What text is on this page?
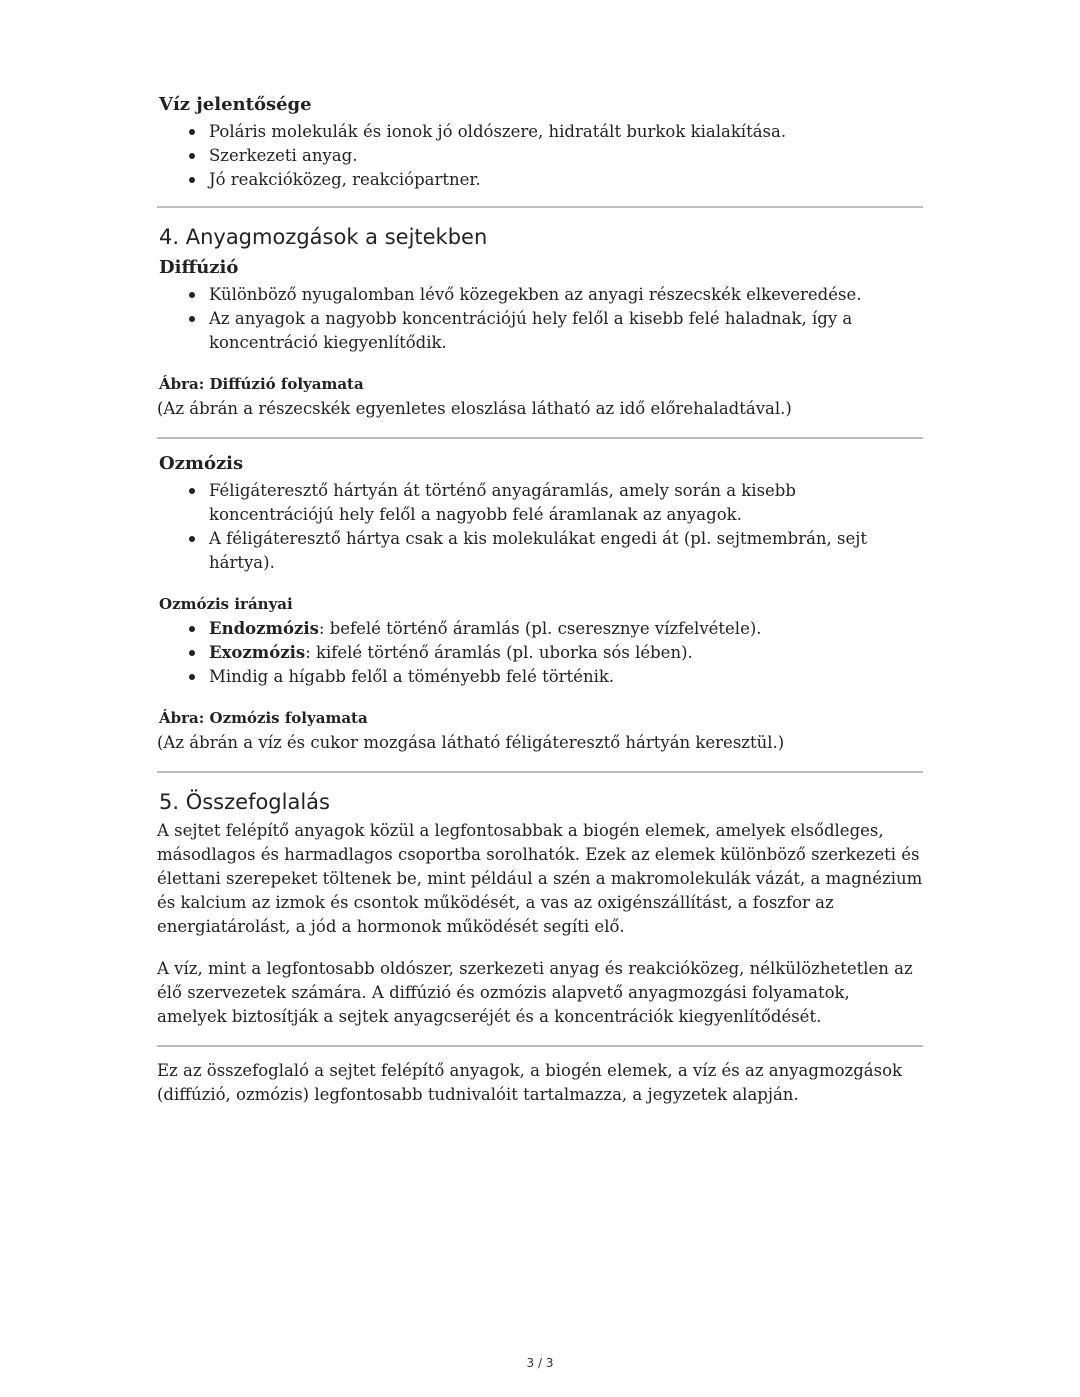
Víz jelentősége
Poláris molekulák és ionok jó oldószere, hidratált burkok kialakítása.
Szerkezeti anyag.
Jó reakcióközeg, reakciópartner.
4. Anyagmozgások a sejtekben
Diffúzió
Különböző nyugalomban lévő közegekben az anyagi részecskék elkeveredése.
Az anyagok a nagyobb koncentrációjú hely felől a kisebb felé haladnak, így a koncentráció kiegyenlítődik.
Ábra: Diffúzió folyamata

(Az ábrán a részecskék egyenletes eloszlása látható az idő előrehaladtával.)

Ozmózis
Féligáteresztő hártyán át történő anyagáramlás, amely során a kisebb koncentrációjú hely felől a nagyobb felé áramlanak az anyagok.
A féligáteresztő hártya csak a kis molekulákat engedi át (pl. sejtmembrán, sejt hártya).
Ozmózis irányai
Endozmózis: befelé történő áramlás (pl. cseresznye vízfelvétele).
Exozmózis: kifelé történő áramlás (pl. uborka sós lében).
Mindig a hígabb felől a töményebb felé történik.
Ábra: Ozmózis folyamata

(Az ábrán a víz és cukor mozgása látható féligáteresztő hártyán keresztül.)

5. Összefoglalás

A sejtet felépítő anyagok közül a legfontosabbak a biogén elemek, amelyek elsődleges, másodlagos és harmadlagos csoportba sorolhatók. Ezek az elemek különböző szerkezeti és élettani szerepeket töltenek be, mint például a szén a makromolekulák vázát, a magnézium és kalcium az izmok és csontok működését, a vas az oxigénszállítást, a foszfor az energiatárolást, a jód a hormonok működését segíti elő.

A víz, mint a legfontosabb oldószer, szerkezeti anyag és reakcióközeg, nélkülözhetetlen az élő szervezetek számára. A diffúzió és ozmózis alapvető anyagmozgási folyamatok, amelyek biztosítják a sejtek anyagcseréjét és a koncentrációk kiegyenlítődését.

Ez az összefoglaló a sejtet felépítő anyagok, a biogén elemek, a víz és az anyagmozgások (diffúzió, ozmózis) legfontosabb tudnivalóit tartalmazza, a jegyzetek alapján.

3 / 3
